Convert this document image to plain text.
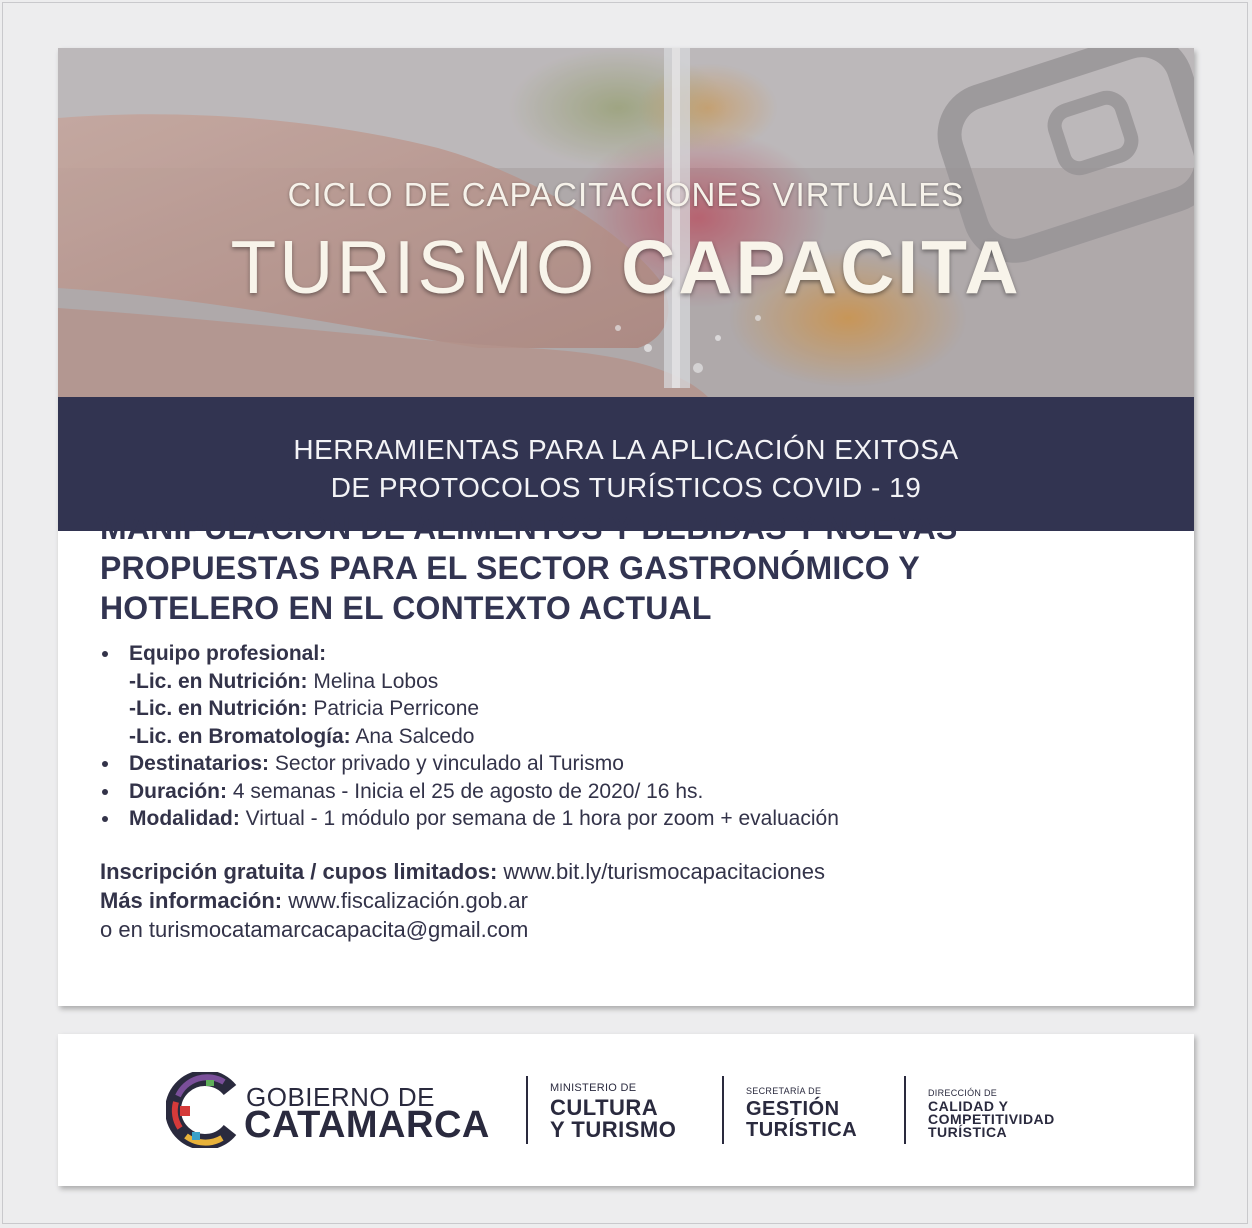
CICLO DE CAPACITACIONES VIRTUALES
TURISMO CAPACITA
HERRAMIENTAS PARA LA APLICACIÓN EXITOSA
DE PROTOCOLOS TURÍSTICOS COVID - 19
MANIPULACIÓN DE ALIMENTOS Y BEBIDAS Y NUEVAS
PROPUESTAS PARA EL SECTOR GASTRONÓMICO Y
HOTELERO EN EL CONTEXTO ACTUAL
Equipo profesional:
-Lic. en Nutrición: Melina Lobos
-Lic. en Nutrición: Patricia Perricone
-Lic. en Bromatología: Ana Salcedo
Destinatarios: Sector privado y vinculado al Turismo
Duración: 4 semanas - Inicia el 25 de agosto de 2020/ 16 hs.
Modalidad: Virtual - 1 módulo por semana de 1 hora por zoom + evaluación
Inscripción gratuita / cupos limitados: www.bit.ly/turismocapacitaciones
Más información: www.fiscalización.gob.ar
o en turismocatamarcacapacita@gmail.com
GOBIERNO DE
CATAMARCA
MINISTERIO DE
CULTURA
Y TURISMO
SECRETARÍA DE
GESTIÓN
TURÍSTICA
DIRECCIÓN DE
CALIDAD Y
COMPETITIVIDAD
TURÍSTICA
